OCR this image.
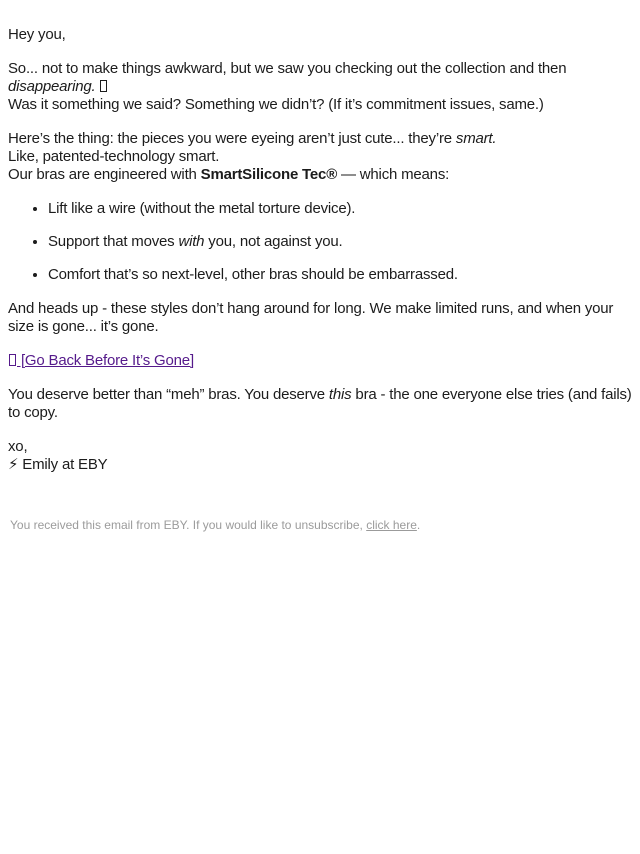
Hey you,

So... not to make things awkward, but we saw you checking out the collection and then disappearing.
Was it something we said? Something we didn’t? (If it’s commitment issues, same.)

Here’s the thing: the pieces you were eyeing aren’t just cute... they’re smart.
Like, patented-technology smart.
Our bras are engineered with SmartSilicone Tec® — which means:

• Lift like a wire (without the metal torture device).
• Support that moves with you, not against you.
• Comfort that’s so next-level, other bras should be embarrassed.

And heads up - these styles don’t hang around for long. We make limited runs, and when your size is gone... it’s gone.

[Go Back Before It’s Gone]

You deserve better than “meh” bras. You deserve this bra - the one everyone else tries (and fails) to copy.

xo,
⚡ Emily at EBY

You received this email from EBY. If you would like to unsubscribe, click here.
